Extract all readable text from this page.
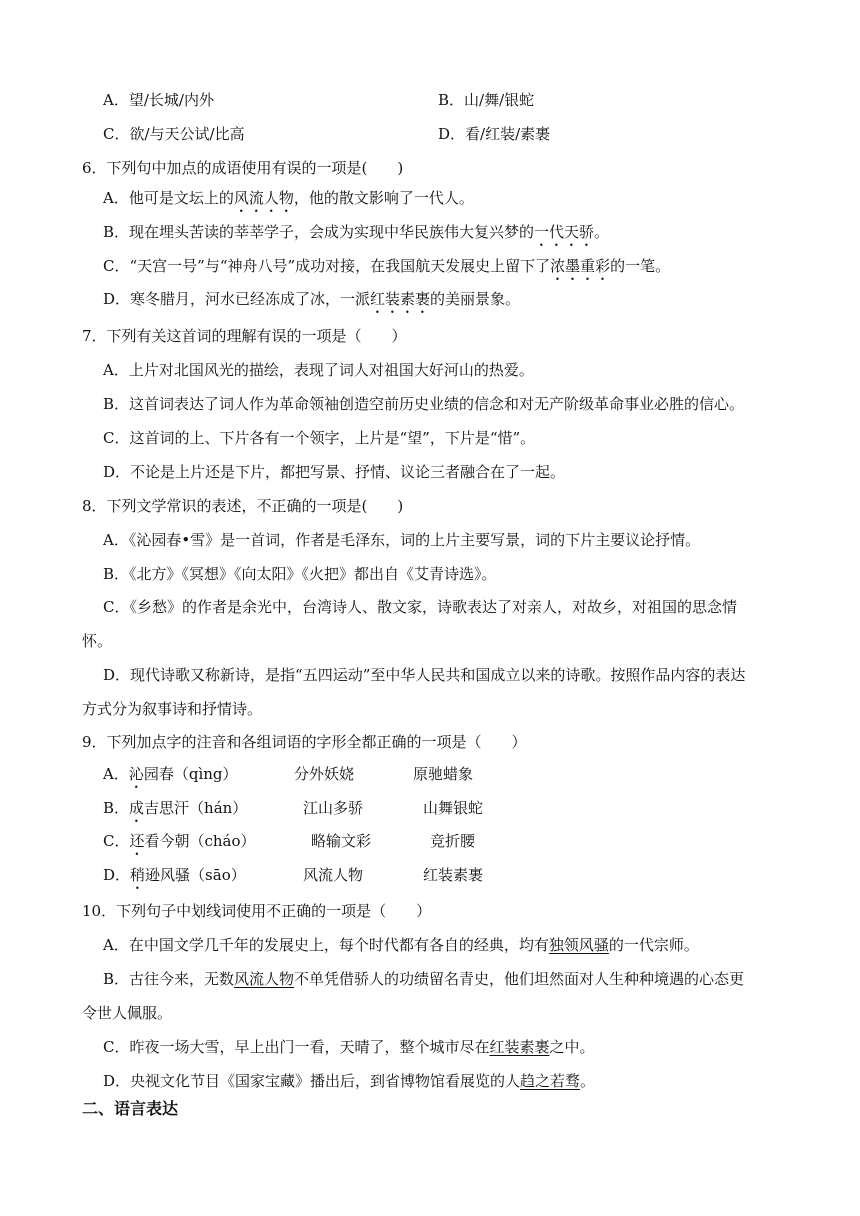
A．望/长城/内外	B．山/舞/银蛇
C．欲/与天公试/比高	D．看/红装/素裹
6．下列句中加点的成语使用有误的一项是(　　)
A．他可是文坛上的风流人物，他的散文影响了一代人。
B．现在埋头苦读的莘莘学子，会成为实现中华民族伟大复兴梦的一代天骄。
C．“天宫一号”与“神舟八号”成功对接，在我国航天发展史上留下了浓墨重彩的一笔。
D．寒冬腊月，河水已经冻成了冰，一派红装素裹的美丽景象。
7．下列有关这首词的理解有误的一项是（　　）
A．上片对北国风光的描绘，表现了词人对祖国大好河山的热爱。
B．这首词表达了词人作为革命领袖创造空前历史业绩的信念和对无产阶级革命事业必胜的信心。
C．这首词的上、下片各有一个领字，上片是“望”，下片是“惜”。
D．不论是上片还是下片，都把写景、抒情、议论三者融合在了一起。
8．下列文学常识的表述，不正确的一项是(　　)
A．《沁园春•雪》是一首词，作者是毛泽东，词的上片主要写景，词的下片主要议论抒情。
B．《北方》《冥想》《向太阳》《火把》都出自《艾青诗选》。
C．《乡愁》的作者是余光中，台湾诗人、散文家，诗歌表达了对亲人，对故乡，对祖国的思念情
怀。
D．现代诗歌又称新诗，是指“五四运动”至中华人民共和国成立以来的诗歌。按照作品内容的表达
方式分为叙事诗和抒情诗。
9．下列加点字的注音和各组词语的字形全都正确的一项是（　　）
A．沁园春（qìng）	分外妖娆	原驰蜡象
B．成吉思汗（hán）	江山多骄	山舞银蛇
C．还看今朝（cháo）	略输文彩	竞折腰
D．稍逊风骚（sāo）	风流人物	红装素裹
10．下列句子中划线词使用不正确的一项是（　　）
A．在中国文学几千年的发展史上，每个时代都有各自的经典，均有独领风骚的一代宗师。
B．古往今来，无数风流人物不单凭借骄人的功绩留名青史，他们坦然面对人生种种境遇的心态更
令世人佩服。
C．昨夜一场大雪，早上出门一看，天晴了，整个城市尽在红装素裹之中。
D．央视文化节目《国家宝藏》播出后，到省博物馆看展览的人趋之若骛。
二、语言表达
